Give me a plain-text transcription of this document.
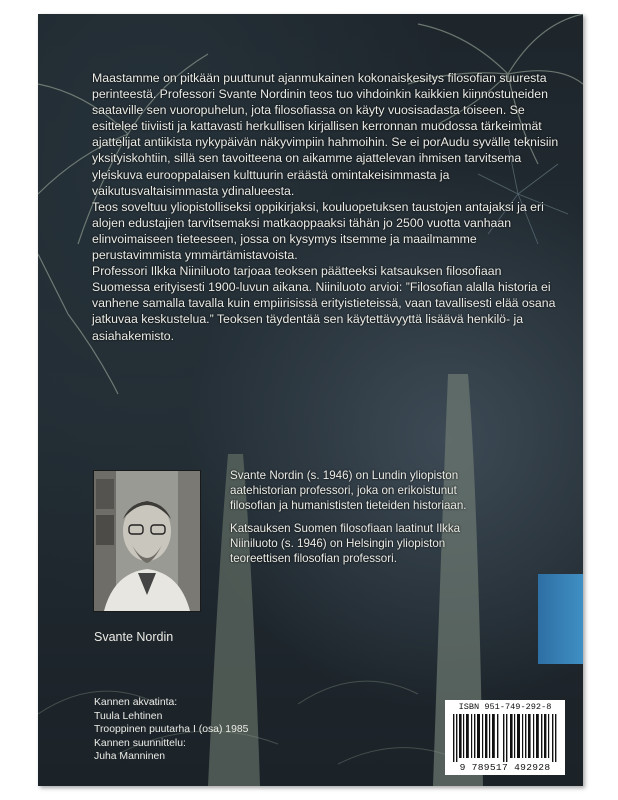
Maastamme on pitkään puuttunut ajanmukainen kokonaiskesitys filosofian suuresta perinteestä. Professori Svante Nordinin teos tuo vihdoinkin kaikkien kiinnostuneiden saataville sen vuoropuhelun, jota filosofiassa on käyty vuosisadasta toiseen. Se esittelee tiiviisti ja kattavasti herkullisen kirjallisen kerronnan muodossa tärkeimmät ajattelijat antiikista nykypäivän näkyvimpiin hahmoihin. Se ei porAudu syvälle teknisiin yksityiskohtiin, sillä sen tavoitteena on aikamme ajattelevan ihmisen tarvitsema yleiskuva eurooppalaisen kulttuurin eräästä omintakeisimmasta ja vaikutusvaltaisimmasta ydinalueesta.

Teos soveltuu yliopistolliseksi oppikirjaksi, kouluopetuksen taustojen antajaksi ja eri alojen edustajien tarvitsemaksi matkaoppaaksi tähän jo 2500 vuotta vanhaan elinvoimaiseen tieteeseen, jossa on kysymys itsemme ja maailmamme perustavimmista ymmärtämistavoista.

Professori Ilkka Niiniluoto tarjoaa teoksen päätteeksi katsauksen filosofiaan Suomessa erityisesti 1900-luvun aikana. Niiniluoto arvioi: ”Filosofian alalla historia ei vanhene samalla tavalla kuin empiirisissä erityistieteissä, vaan tavallisesti elää osana jatkuvaa keskustelua.” Teoksen täydentää sen käytettävyyttä lisäävä henkilö- ja asiahakemisto.

Svante Nordin

Svante Nordin (s. 1946) on Lundin yliopiston aatehistorian professori, joka on erikoistunut filosofian ja humanististen tieteiden historiaan.

Katsauksen Suomen filosofiaan laatinut Ilkka Niiniluoto (s. 1946) on Helsingin yliopiston teoreettisen filosofian professori.

Kannen akvatinta:
Tuula Lehtinen
Trooppinen puutarha I (osa) 1985
Kannen suunnittelu:
Juha Manninen
ISBN 951-749-292-8
9 789517 492928
